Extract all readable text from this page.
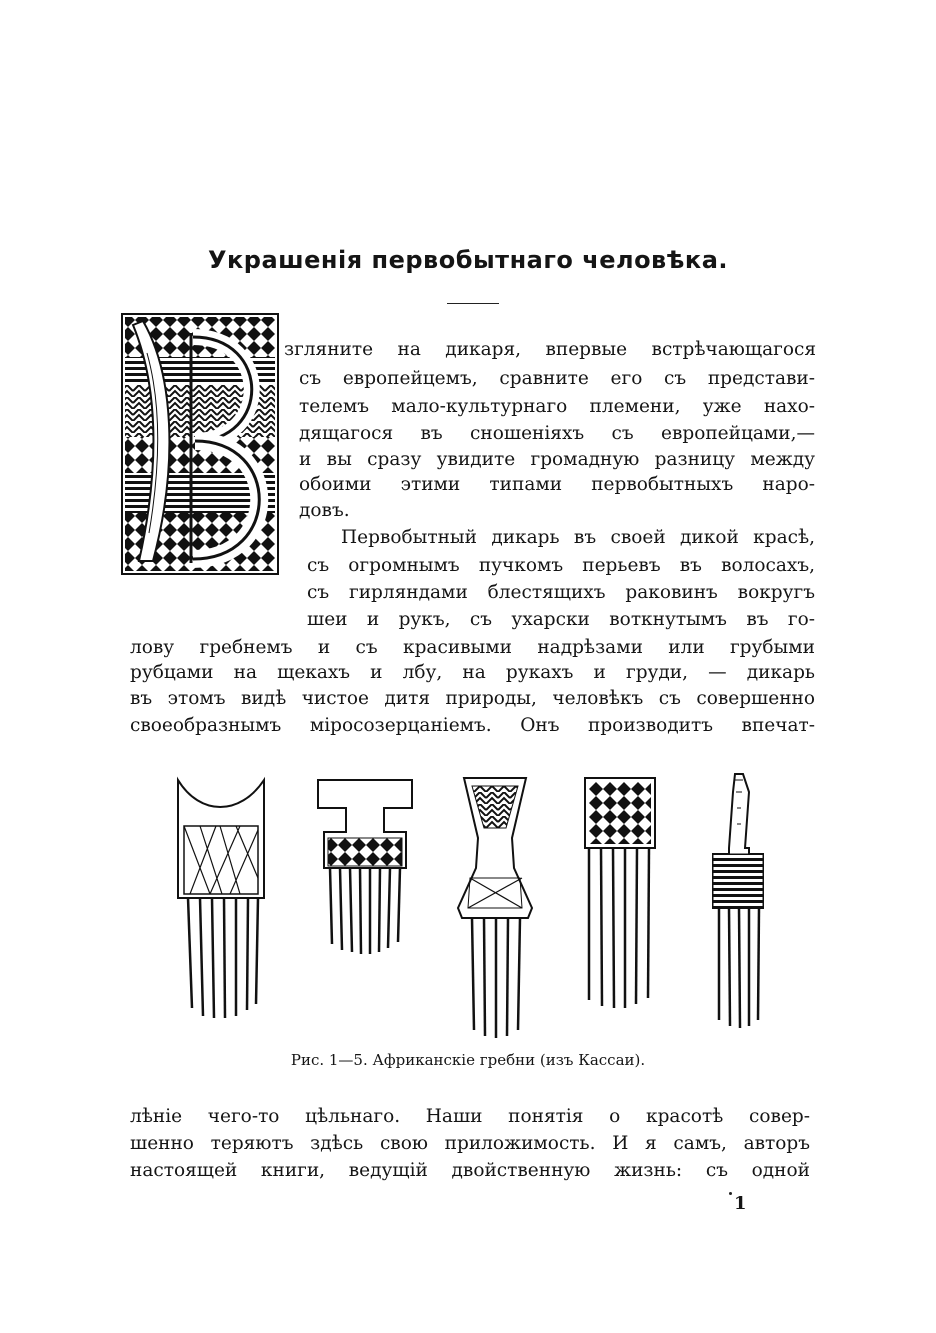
Украшенія первобытнаго человѣка.

зглянитe на дикаря, впервые встрѣчающагося

съ европейцемъ, сравните его съ представи-

телемъ мало-культурнаго племени, уже нахо-

дящагося въ сношеніяхъ съ европейцами,—

и вы сразу увидите громадную разницу между

обоими этими типами первобытныхъ наро-

довъ.

Первобытный дикарь въ своей дикой красѣ,

съ огромнымъ пучкомъ перьевъ въ волосахъ,

съ гирляндами блестящихъ раковинъ вокругъ

шеи и рукъ, съ ухарски воткнутымъ въ го-

лову гребнемъ и съ красивыми надрѣзами или грубыми

рубцами на щекахъ и лбу, на рукахъ и груди, — дикарь

въ этомъ видѣ чистое дитя природы, человѣкъ съ совершенно

своеобразнымъ міросозерцаніемъ. Онъ производитъ впечат-

Рис. 1—5. Африканскіе гребни (изъ Кассаи).

лѣніе чего-то цѣльнаго. Наши понятія о красотѣ совер-

шенно теряютъ здѣсь свою приложимость. И я самъ, авторъ

настоящей книги, ведущій двойственную жизнь: съ одной

1
